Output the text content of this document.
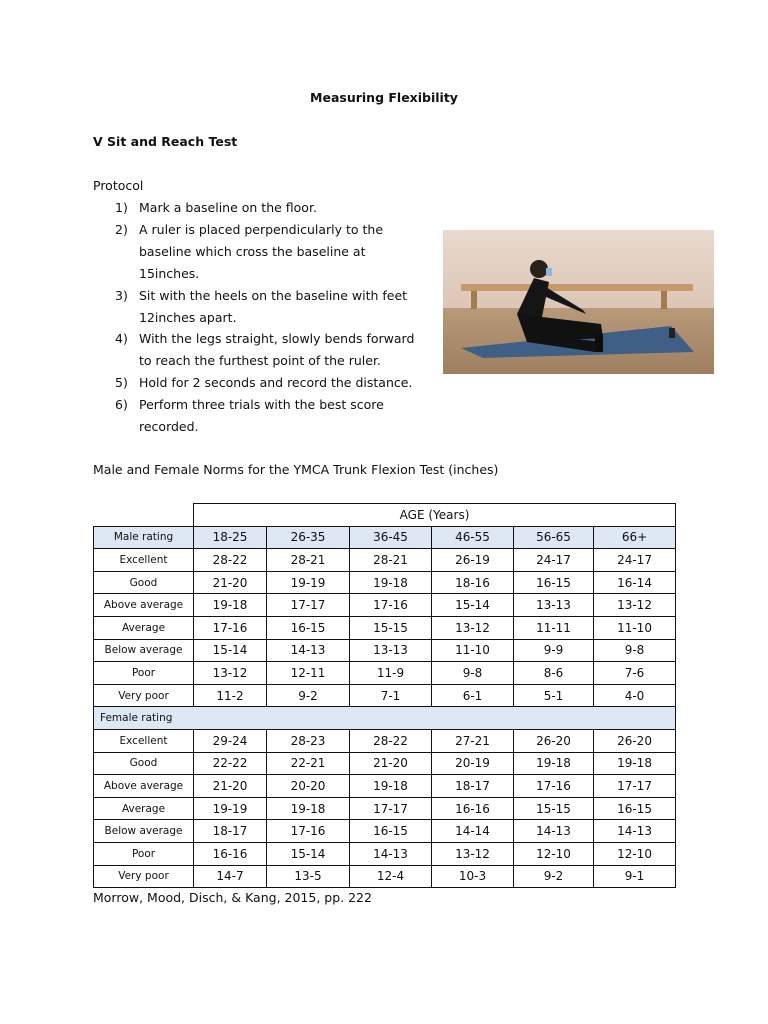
Measuring Flexibility
V Sit and Reach Test
Protocol
1) Mark a baseline on the floor.
2) A ruler is placed perpendicularly to the
baseline which cross the baseline at
15inches.
3) Sit with the heels on the baseline with feet
12inches apart.
4) With the legs straight, slowly bends forward
to reach the furthest point of the ruler.
5) Hold for 2 seconds and record the distance.
6) Perform three trials with the best score
recorded.
Male and Female Norms for the YMCA Trunk Flexion Test (inches)
	AGE (Years)					
Male rating	18-25	26-35	36-45	46-55	56-65	66+
Excellent	28-22	28-21	28-21	26-19	24-17	24-17
Good	21-20	19-19	19-18	18-16	16-15	16-14
Above average	19-18	17-17	17-16	15-14	13-13	13-12
Average	17-16	16-15	15-15	13-12	11-11	11-10
Below average	15-14	14-13	13-13	11-10	9-9	9-8
Poor	13-12	12-11	11-9	9-8	8-6	7-6
Very poor	11-2	9-2	7-1	6-1	5-1	4-0
Female rating						
Excellent	29-24	28-23	28-22	27-21	26-20	26-20
Good	22-22	22-21	21-20	20-19	19-18	19-18
Above average	21-20	20-20	19-18	18-17	17-16	17-17
Average	19-19	19-18	17-17	16-16	15-15	16-15
Below average	18-17	17-16	16-15	14-14	14-13	14-13
Poor	16-16	15-14	14-13	13-12	12-10	12-10
Very poor	14-7	13-5	12-4	10-3	9-2	9-1
Morrow, Mood, Disch, & Kang, 2015, pp. 222
